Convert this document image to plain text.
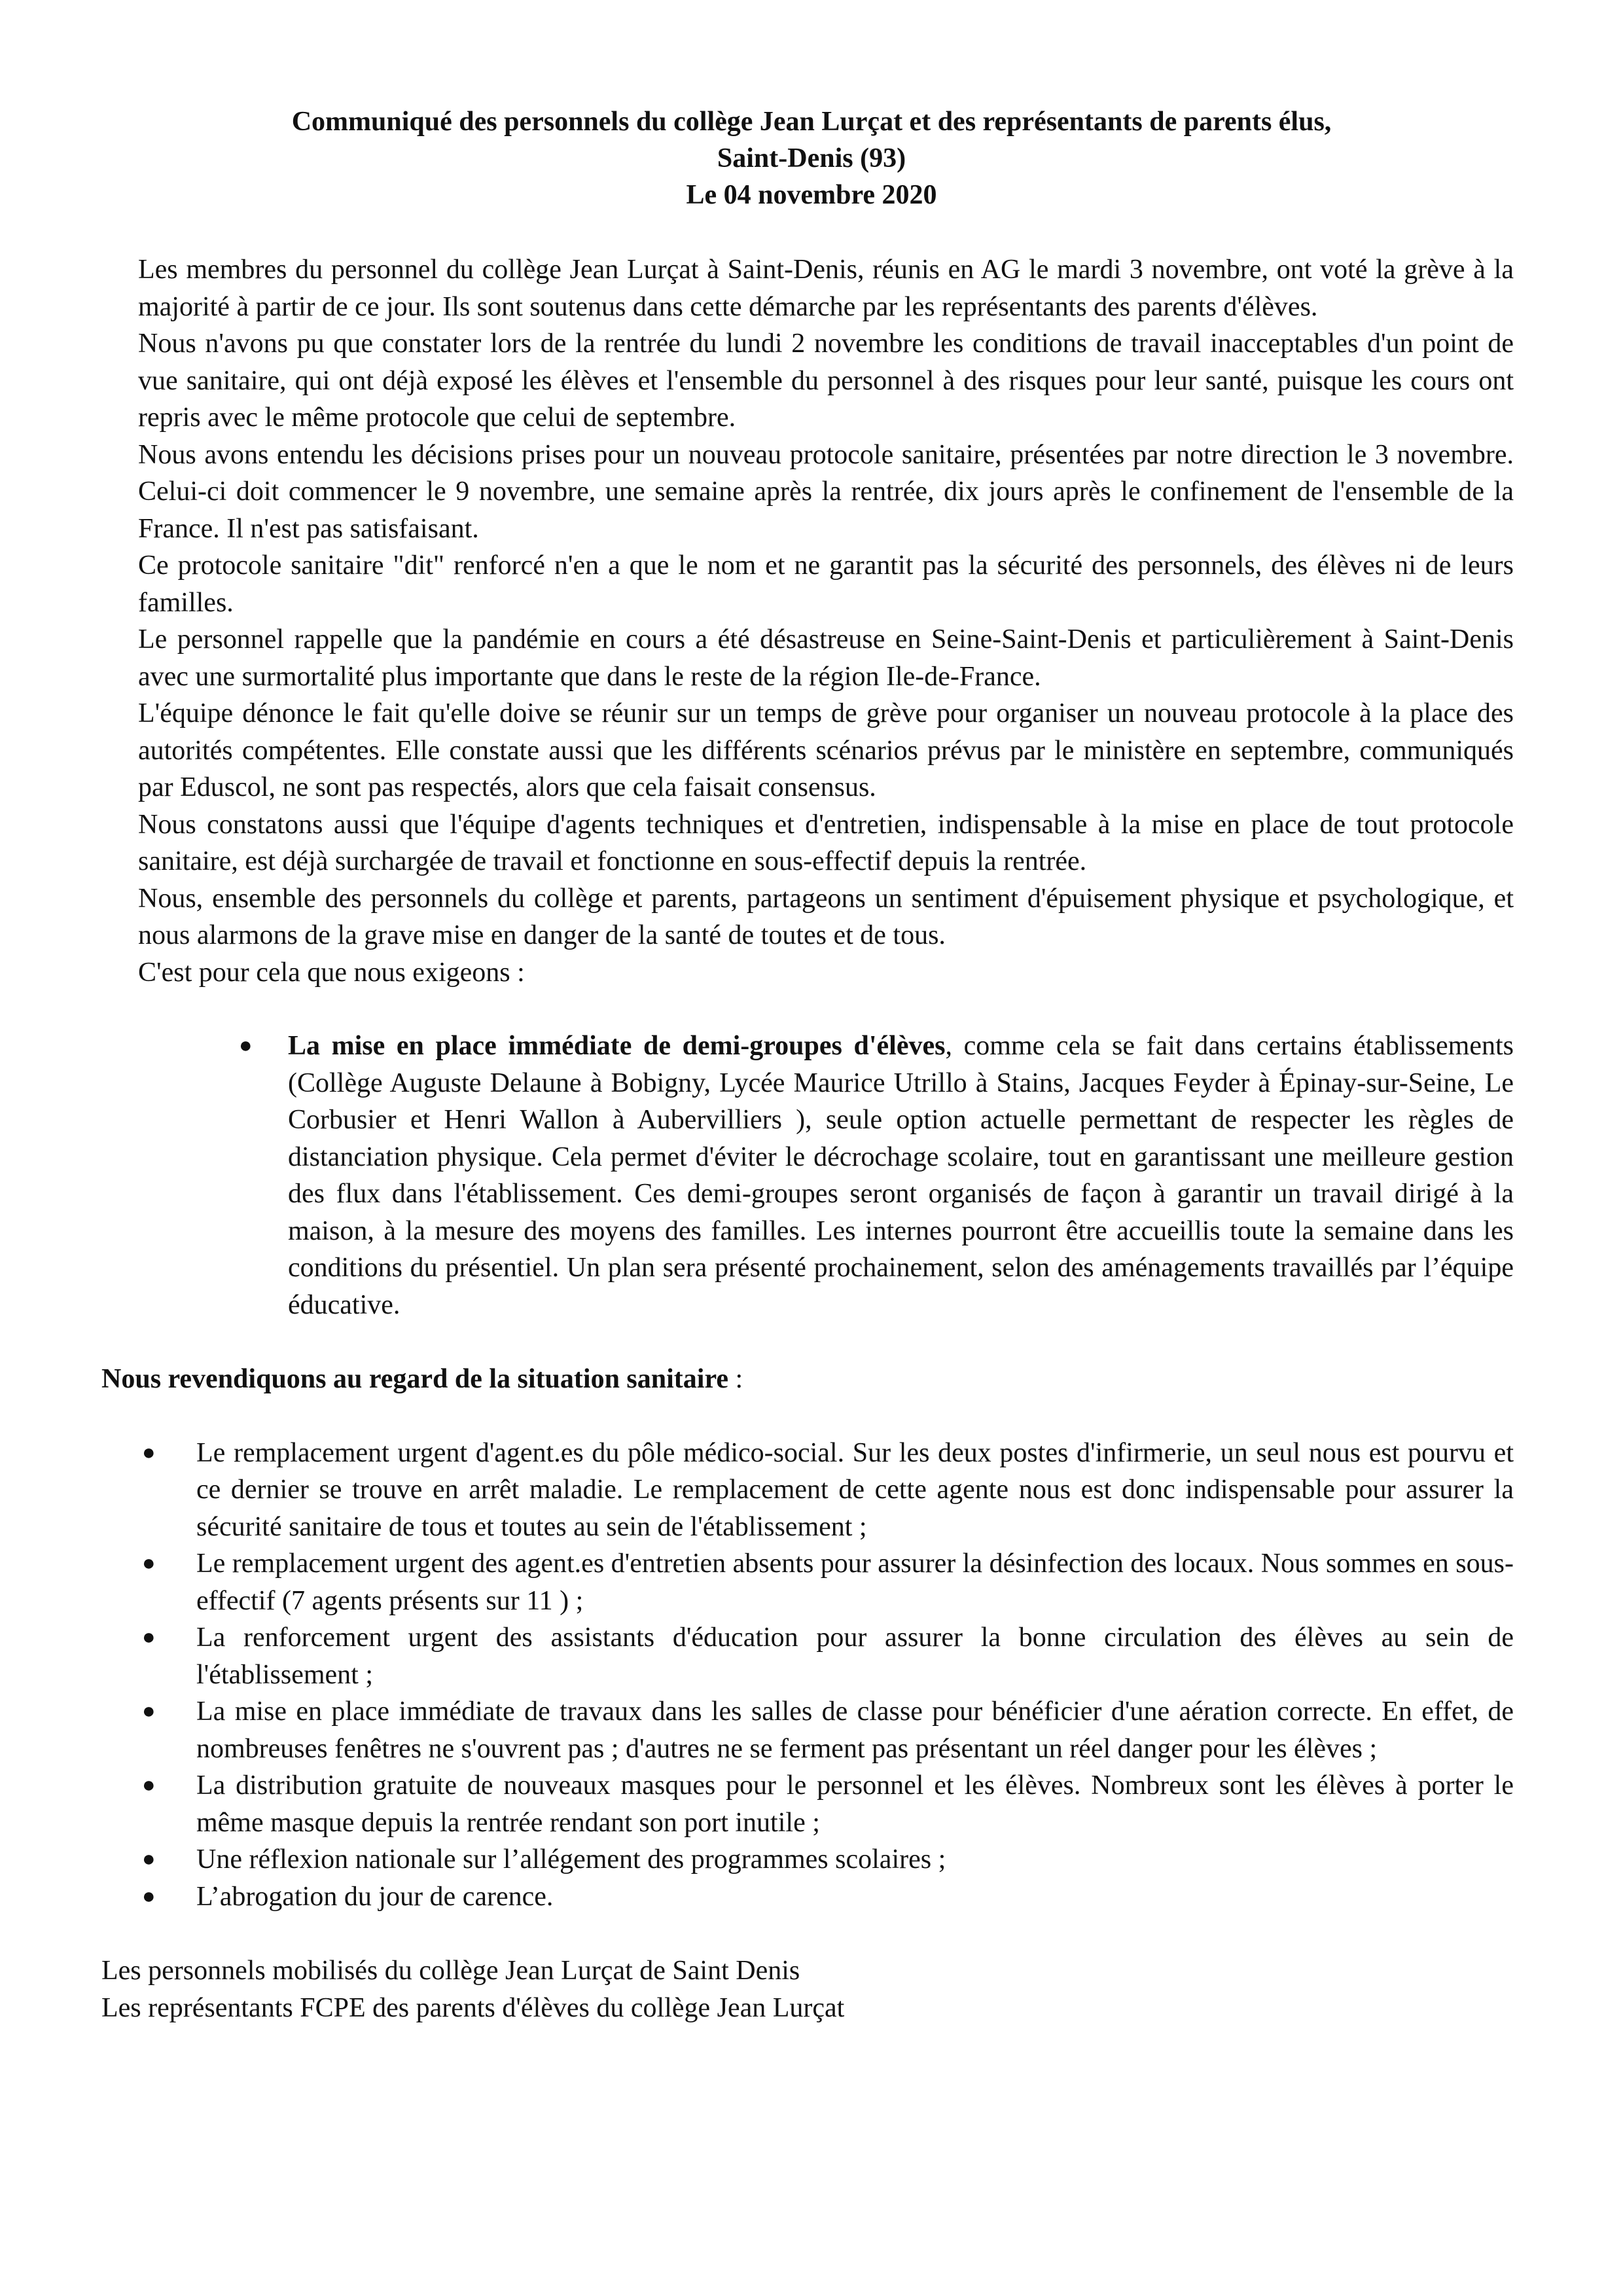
Communiqué des personnels du collège Jean Lurçat et des représentants de parents élus,
Saint-Denis (93)
Le 04 novembre 2020

Les membres du personnel du collège Jean Lurçat à Saint-Denis, réunis en AG le mardi 3 novembre, ont voté la grève à la majorité à partir de ce jour. Ils sont soutenus dans cette démarche par les représentants des parents d'élèves.

Nous n'avons pu que constater lors de la rentrée du lundi 2 novembre les conditions de travail inacceptables d'un point de vue sanitaire, qui ont déjà exposé les élèves et l'ensemble du personnel à des risques pour leur santé, puisque les cours ont repris avec le même protocole que celui de septembre.

Nous avons entendu les décisions prises pour un nouveau protocole sanitaire, présentées par notre direction le 3 novembre. Celui-ci doit commencer le 9 novembre, une semaine après la rentrée, dix jours après le confinement de l'ensemble de la France. Il n'est pas satisfaisant.

Ce protocole sanitaire "dit" renforcé n'en a que le nom et ne garantit pas la sécurité des personnels, des élèves ni de leurs familles.

Le personnel rappelle que la pandémie en cours a été désastreuse en Seine-Saint-Denis et particulièrement à Saint-Denis avec une surmortalité plus importante que dans le reste de la région Ile-de-France.

L'équipe dénonce le fait qu'elle doive se réunir sur un temps de grève pour organiser un nouveau protocole à la place des autorités compétentes. Elle constate aussi que les différents scénarios prévus par le ministère en septembre, communiqués par Eduscol, ne sont pas respectés, alors que cela faisait consensus.

Nous constatons aussi que l'équipe d'agents techniques et d'entretien, indispensable à la mise en place de tout protocole sanitaire, est déjà surchargée de travail et fonctionne en sous-effectif depuis la rentrée.

Nous, ensemble des personnels du collège et parents, partageons un sentiment d'épuisement physique et psychologique, et nous alarmons de la grave mise en danger de la santé de toutes et de tous.

C'est pour cela que nous exigeons :

● La mise en place immédiate de demi-groupes d'élèves, comme cela se fait dans certains établissements (Collège Auguste Delaune à Bobigny, Lycée Maurice Utrillo à Stains, Jacques Feyder à Épinay-sur-Seine, Le Corbusier et Henri Wallon à Aubervilliers ), seule option actuelle permettant de respecter les règles de distanciation physique. Cela permet d'éviter le décrochage scolaire, tout en garantissant une meilleure gestion des flux dans l'établissement. Ces demi-groupes seront organisés de façon à garantir un travail dirigé à la maison, à la mesure des moyens des familles. Les internes pourront être accueillis toute la semaine dans les conditions du présentiel. Un plan sera présenté prochainement, selon des aménagements travaillés par l’équipe éducative.

Nous revendiquons au regard de la situation sanitaire :

● Le remplacement urgent d'agent.es du pôle médico-social. Sur les deux postes d'infirmerie, un seul nous est pourvu et ce dernier se trouve en arrêt maladie. Le remplacement de cette agente nous est donc indispensable pour assurer la sécurité sanitaire de tous et toutes au sein de l'établissement ;
● Le remplacement urgent des agent.es d'entretien absents pour assurer la désinfection des locaux. Nous sommes en sous-effectif (7 agents présents sur 11 ) ;
● La renforcement urgent des assistants d'éducation pour assurer la bonne circulation des élèves au sein de l'établissement ;
● La mise en place immédiate de travaux dans les salles de classe pour bénéficier d'une aération correcte. En effet, de nombreuses fenêtres ne s'ouvrent pas ; d'autres ne se ferment pas présentant un réel danger pour les élèves ;
● La distribution gratuite de nouveaux masques pour le personnel et les élèves. Nombreux sont les élèves à porter le même masque depuis la rentrée rendant son port inutile ;
● Une réflexion nationale sur l’allégement des programmes scolaires ;
● L’abrogation du jour de carence.
Les personnels mobilisés du collège Jean Lurçat de Saint Denis
Les représentants FCPE des parents d'élèves du collège Jean Lurçat
